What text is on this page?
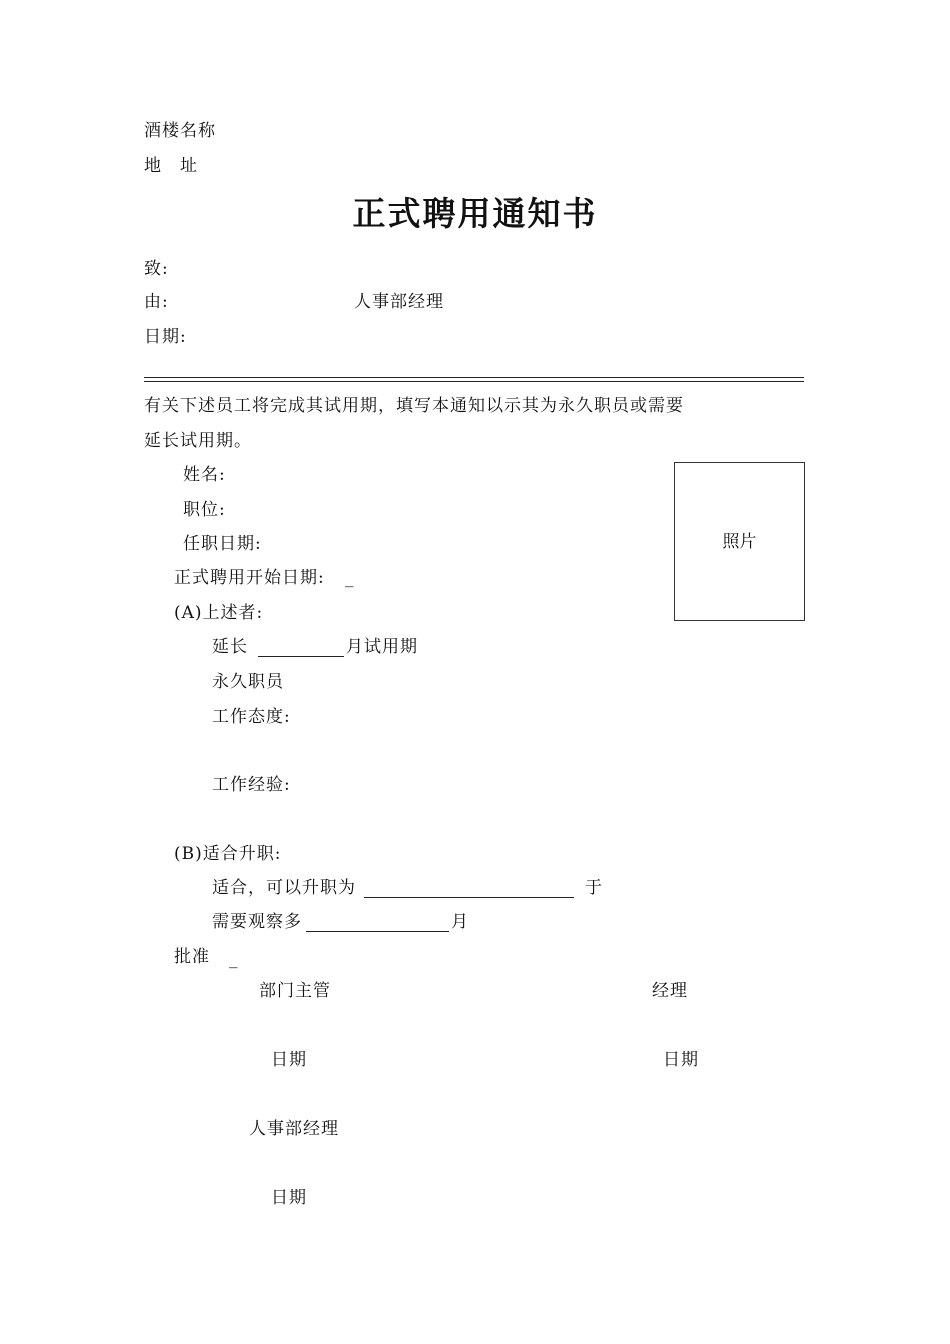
酒楼名称
地　址
正式聘用通知书
致:
由:	人事部经理
日期:
有关下述员工将完成其试用期，填写本通知以示其为永久职员或需要
延长试用期。
姓名:
职位:
任职日期:
正式聘用开始日期: _
照片
(A)上述者:
延长	月试用期
永久职员
工作态度:
工作经验:
(B)适合升职:
适合，可以升职为	于
需要观察多	月
批准 _
部门主管	经理
日期	日期
人事部经理
日期
